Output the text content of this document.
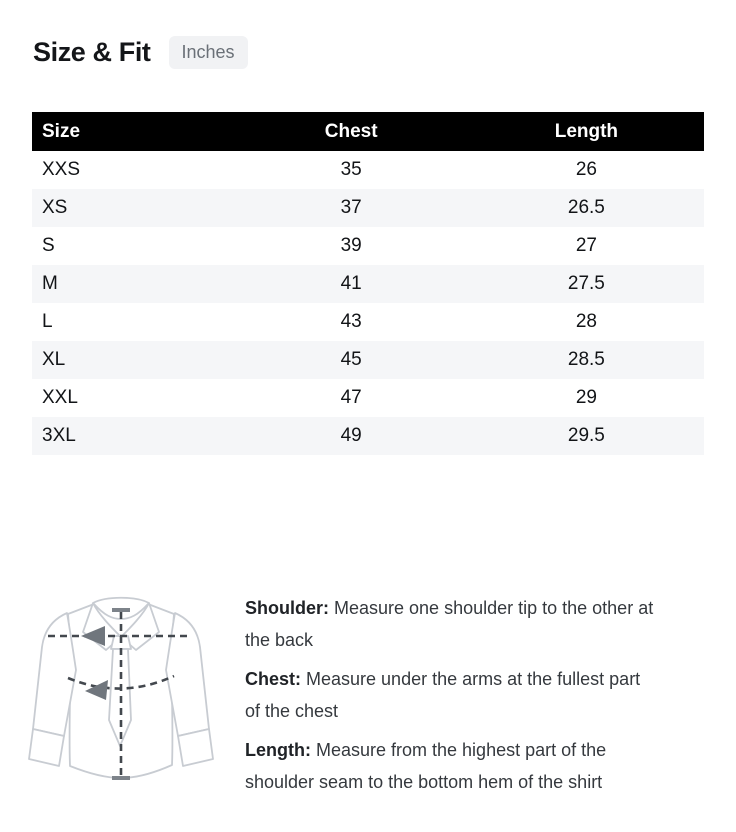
Size & Fit	Inches
Size	Chest	Length
XXS	35	26
XS	37	26.5
S	39	27
M	41	27.5
L	43	28
XL	45	28.5
XXL	47	29
3XL	49	29.5

Shoulder: Measure one shoulder tip to the other at the back

Chest: Measure under the arms at the fullest part of the chest

Length: Measure from the highest part of the shoulder seam to the bottom hem of the shirt
